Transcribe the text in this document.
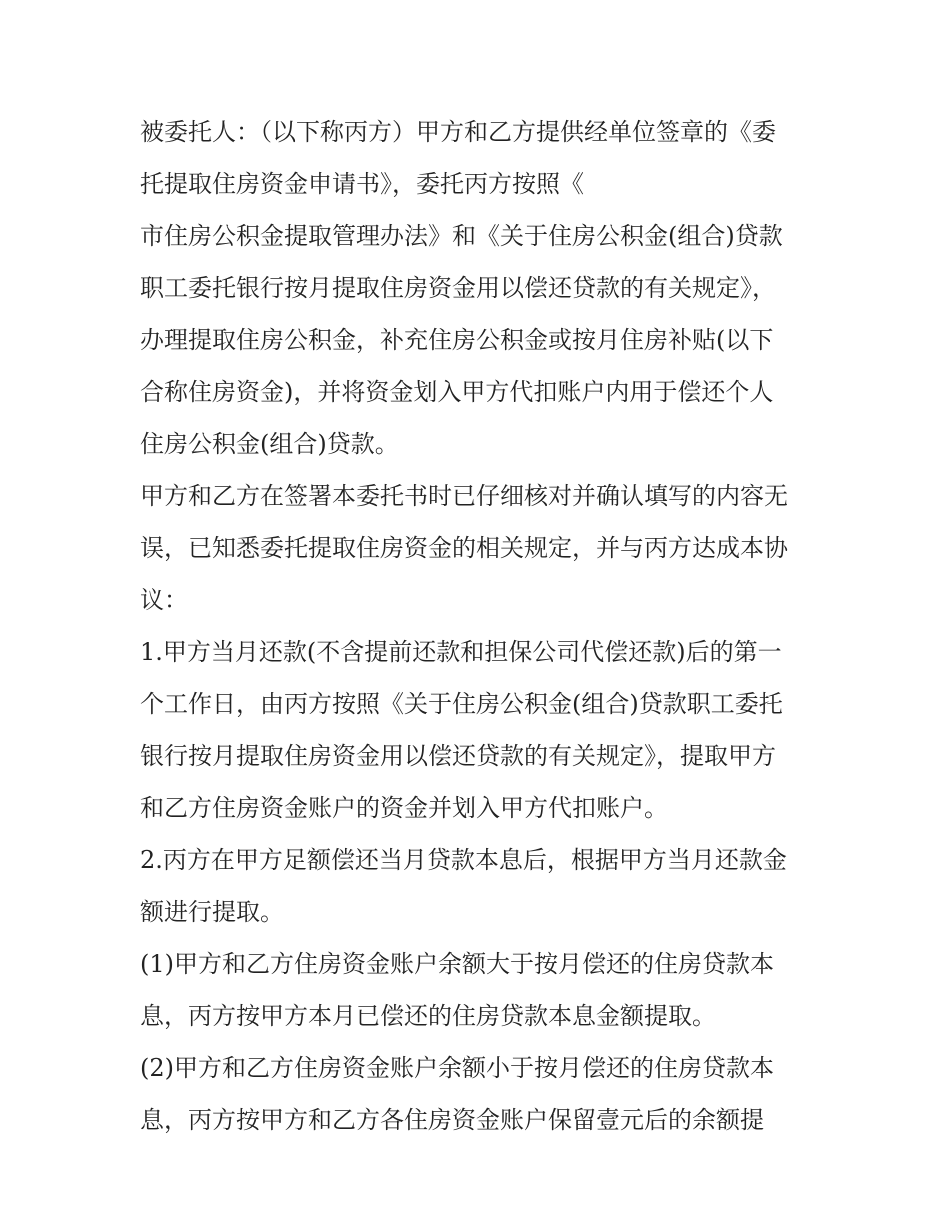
被委托人：（以下称丙方）甲方和乙方提供经单位签章的《委
托提取住房资金申请书》，委托丙方按照《
市住房公积金提取管理办法》和《关于住房公积金(组合)贷款
职工委托银行按月提取住房资金用以偿还贷款的有关规定》，
办理提取住房公积金，补充住房公积金或按月住房补贴(以下
合称住房资金)，并将资金划入甲方代扣账户内用于偿还个人
住房公积金(组合)贷款。
甲方和乙方在签署本委托书时已仔细核对并确认填写的内容无
误，已知悉委托提取住房资金的相关规定，并与丙方达成本协
议：
1.甲方当月还款(不含提前还款和担保公司代偿还款)后的第一
个工作日，由丙方按照《关于住房公积金(组合)贷款职工委托
银行按月提取住房资金用以偿还贷款的有关规定》，提取甲方
和乙方住房资金账户的资金并划入甲方代扣账户。
2.丙方在甲方足额偿还当月贷款本息后，根据甲方当月还款金
额进行提取。
(1)甲方和乙方住房资金账户余额大于按月偿还的住房贷款本
息，丙方按甲方本月已偿还的住房贷款本息金额提取。
(2)甲方和乙方住房资金账户余额小于按月偿还的住房贷款本
息，丙方按甲方和乙方各住房资金账户保留壹元后的余额提
